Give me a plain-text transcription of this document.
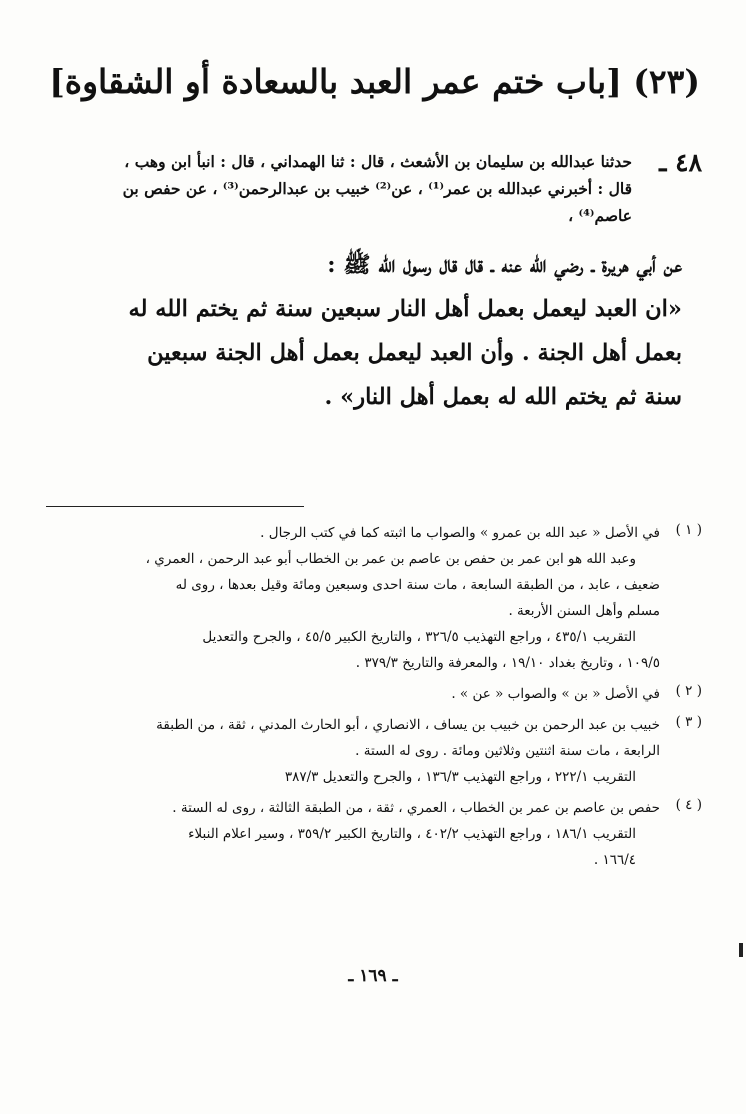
(٢٣) [باب ختم عمر العبد بالسعادة أو الشقاوة]
٤٨ ـ
حدثنا عبدالله بن سليمان بن الأشعث ، قال : ثنا الهمداني ، قال : انبأ ابن وهب ،
قال : أخبرني عبدالله بن عمر⁽¹⁾ ، عن⁽²⁾ خبيب بن عبدالرحمن⁽³⁾ ، عن حفص بن
عاصم⁽⁴⁾ ،
عن أبي هريرة ـ رضي الله عنه ـ قال قال رسول الله ﷺ :
«ان العبد ليعمل بعمل أهل النار سبعين سنة ثم يختم الله له
بعمل أهل الجنة . وأن العبد ليعمل بعمل أهل الجنة سبعين
سنة ثم يختم الله له بعمل أهل النار» .
( ١ )

في الأصل « عبد الله بن عمرو » والصواب ما اثبته كما في كتب الرجال .

وعبد الله هو ابن عمر بن حفص بن عاصم بن عمر بن الخطاب أبو عبد الرحمن ، العمري ،

ضعيف ، عابد ، من الطبقة السابعة ، مات سنة احدى وسبعين ومائة وقيل بعدها ، روى له

مسلم وأهل السنن الأربعة .

التقريب ٤٣٥/١ ، وراجع التهذيب ٣٢٦/٥ ، والتاريخ الكبير ٤٥/٥ ، والجرح والتعديل

١٠٩/٥ ، وتاريخ بغداد ١٩/١٠ ، والمعرفة والتاريخ ٣٧٩/٣ .

( ٢ )

في الأصل « بن » والصواب « عن » .

( ٣ )

خبيب بن عبد الرحمن بن خبيب بن يساف ، الانصاري ، أبو الحارث المدني ، ثقة ، من الطبقة

الرابعة ، مات سنة اثنتين وثلاثين ومائة . روى له الستة .

التقريب ٢٢٢/١ ، وراجع التهذيب ١٣٦/٣ ، والجرح والتعديل ٣٨٧/٣

( ٤ )

حفص بن عاصم بن عمر بن الخطاب ، العمري ، ثقة ، من الطبقة الثالثة ، روى له الستة .

التقريب ١٨٦/١ ، وراجع التهذيب ٤٠٢/٢ ، والتاريخ الكبير ٣٥٩/٢ ، وسير اعلام النبلاء

١٦٦/٤ .

ـ ١٦٩ ـ
